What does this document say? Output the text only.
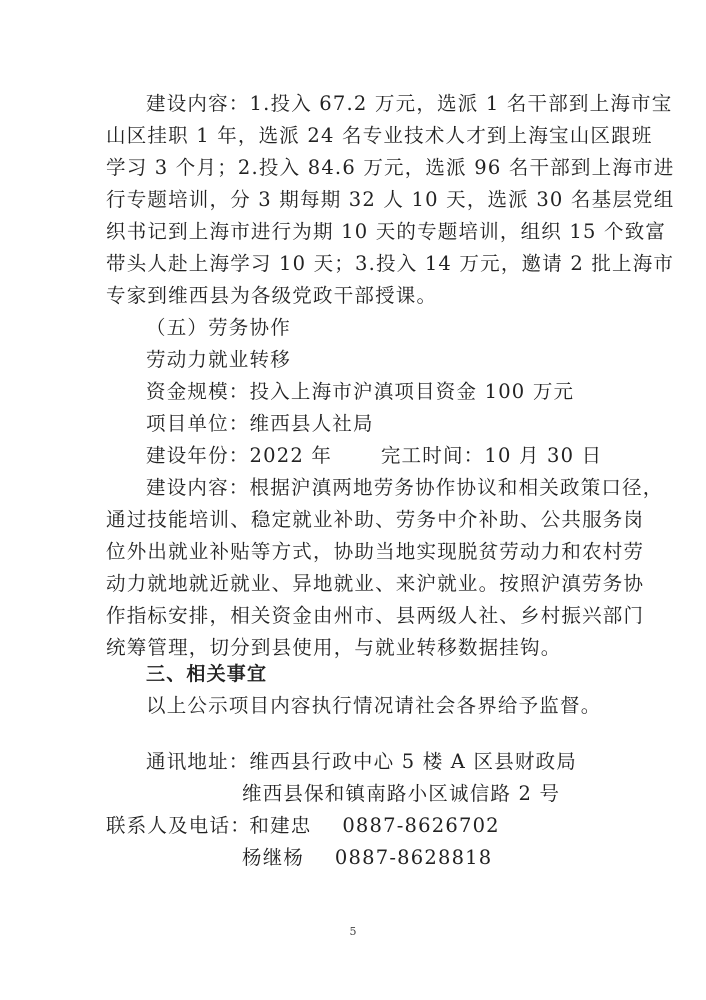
建设内容：1.投入 67.2 万元，选派 1 名干部到上海市宝
山区挂职 1 年，选派 24 名专业技术人才到上海宝山区跟班
学习 3 个月；2.投入 84.6 万元，选派 96 名干部到上海市进
行专题培训，分 3 期每期 32 人 10 天，选派 30 名基层党组
织书记到上海市进行为期 10 天的专题培训，组织 15 个致富
带头人赴上海学习 10 天；3.投入 14 万元，邀请 2 批上海市
专家到维西县为各级党政干部授课。
（五）劳务协作
劳动力就业转移
资金规模：投入上海市沪滇项目资金 100 万元
项目单位：维西县人社局
建设年份：2022 年	完工时间：10 月 30 日
建设内容：根据沪滇两地劳务协作协议和相关政策口径，
通过技能培训、稳定就业补助、劳务中介补助、公共服务岗
位外出就业补贴等方式，协助当地实现脱贫劳动力和农村劳
动力就地就近就业、异地就业、来沪就业。按照沪滇劳务协
作指标安排，相关资金由州市、县两级人社、乡村振兴部门
统筹管理，切分到县使用，与就业转移数据挂钩。
三、相关事宜
以上公示项目内容执行情况请社会各界给予监督。
通讯地址： 维西县行政中心 5 楼 A 区县财政局
维西县保和镇南路小区诚信路 2 号
联系人及电话： 和建忠 0887-8626702
杨继杨 0887-8628818
5
